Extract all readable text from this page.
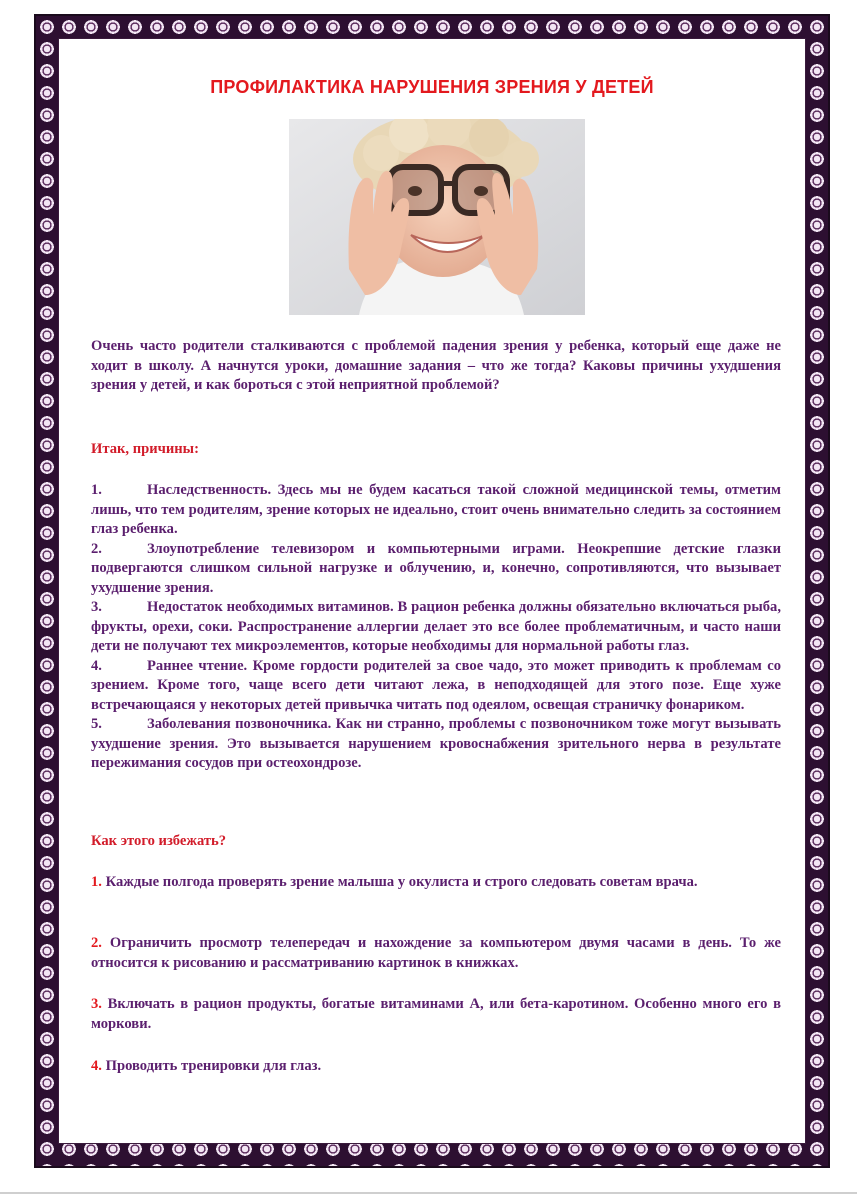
ПРОФИЛАКТИКА НАРУШЕНИЯ ЗРЕНИЯ У ДЕТЕЙ
Очень часто родители сталкиваются с проблемой падения зрения у ребенка, который еще даже не ходит в школу. А начнутся уроки, домашние задания – что же тогда? Каковы причины ухудшения зрения у детей, и как бороться с этой неприятной проблемой?
Итак, причины:
1.	Наследственность. Здесь мы не будем касаться такой сложной медицинской темы, отметим лишь, что тем родителям, зрение которых не идеально, стоит очень внимательно следить за состоянием глаз ребенка.
2.	Злоупотребление телевизором и компьютерными играми. Неокрепшие детские глазки подвергаются слишком сильной нагрузке и облучению, и, конечно, сопротивляются, что вызывает ухудшение зрения.
3.	Недостаток необходимых витаминов. В рацион ребенка должны обязательно включаться рыба, фрукты, орехи, соки. Распространение аллергии делает это все более проблематичным, и часто наши дети не получают тех микроэлементов, которые необходимы для нормальной работы глаз.
4.	Раннее чтение. Кроме гордости родителей за свое чадо, это может приводить к проблемам со зрением. Кроме того, чаще всего дети читают лежа, в неподходящей для этого позе. Еще хуже встречающаяся у некоторых детей привычка читать под одеялом, освещая страничку фонариком.
5.	Заболевания позвоночника. Как ни странно, проблемы с позвоночником тоже могут вызывать ухудшение зрения. Это вызывается нарушением кровоснабжения зрительного нерва в результате пережимания сосудов при остеохондрозе.
Как этого избежать?
1. Каждые полгода проверять зрение малыша у окулиста и строго следовать советам врача.
2. Ограничить просмотр телепередач и нахождение за компьютером двумя часами в день. То же относится к рисованию и рассматриванию картинок в книжках.
3. Включать в рацион продукты, богатые витаминами А, или бета-каротином. Особенно много его в моркови.
4. Проводить тренировки для глаз.
